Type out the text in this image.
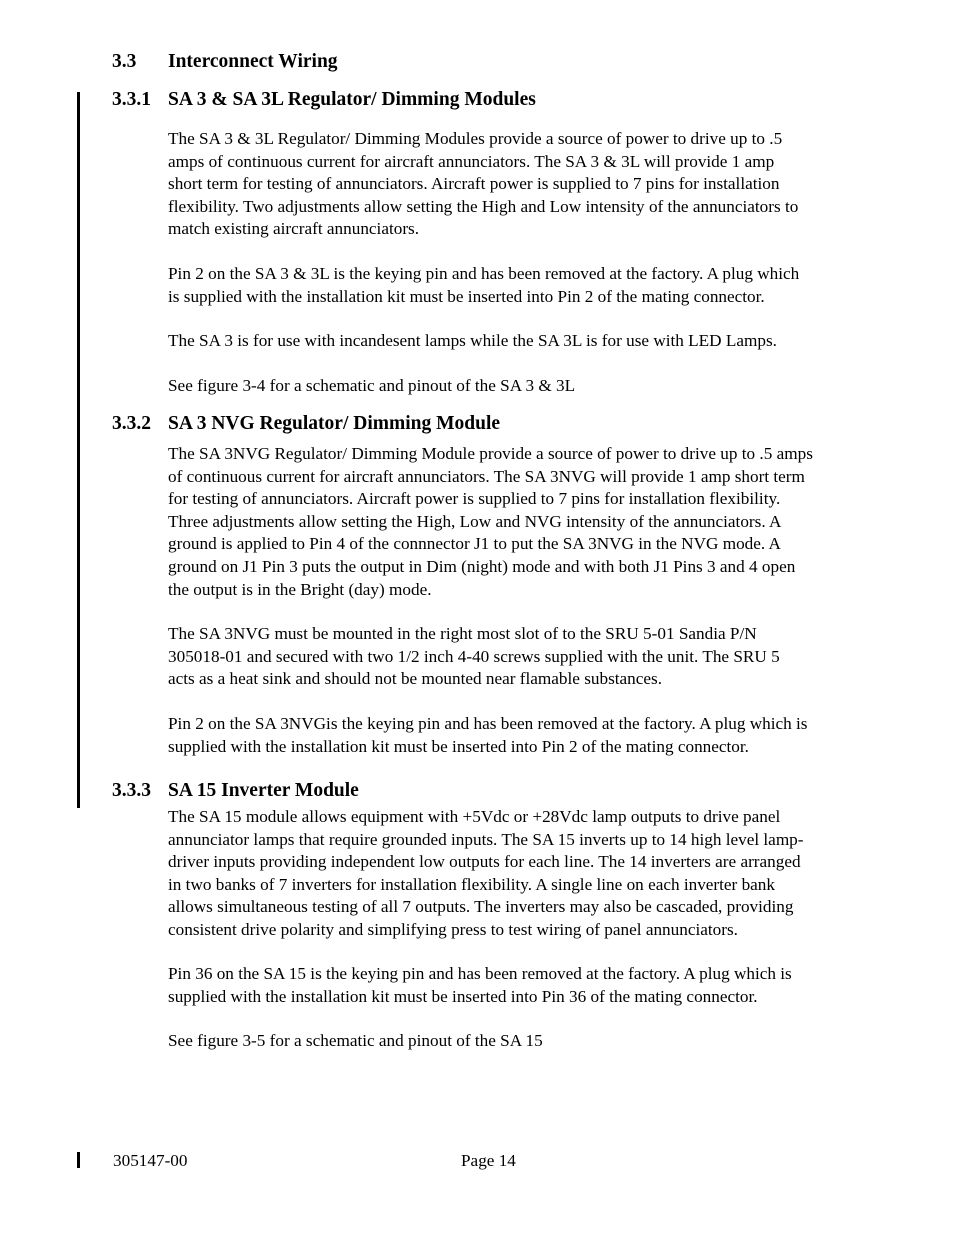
3.3 Interconnect Wiring
3.3.1 SA 3 & SA 3L Regulator/ Dimming Modules
The SA 3 & 3L Regulator/ Dimming Modules provide a source of power to drive up to .5
amps of continuous current for aircraft annunciators. The SA 3 & 3L will provide 1 amp
short term for testing of annunciators. Aircraft power is supplied to 7 pins for installation
flexibility. Two adjustments allow setting the High and Low intensity of the annunciators to
match existing aircraft annunciators.
Pin 2 on the SA 3 & 3L is the keying pin and has been removed at the factory. A plug which
is supplied with the installation kit must be inserted into Pin 2 of the mating connector.
The SA 3 is for use with incandesent lamps while the SA 3L is for use with LED Lamps.
See figure 3-4 for a schematic and pinout of the SA 3 & 3L
3.3.2 SA 3 NVG Regulator/ Dimming Module
The SA 3NVG Regulator/ Dimming Module provide a source of power to drive up to .5 amps
of continuous current for aircraft annunciators. The SA 3NVG will provide 1 amp short term
for testing of annunciators. Aircraft power is supplied to 7 pins for installation flexibility.
Three adjustments allow setting the High, Low and NVG intensity of the annunciators. A
ground is applied to Pin 4 of the connnector J1 to put the SA 3NVG in the NVG mode. A
ground on J1 Pin 3 puts the output in Dim (night) mode and with both J1 Pins 3 and 4 open
the output is in the Bright (day) mode.
The SA 3NVG must be mounted in the right most slot of to the SRU 5-01 Sandia P/N
305018-01 and secured with two 1/2 inch 4-40 screws supplied with the unit. The SRU 5
acts as a heat sink and should not be mounted near flamable substances.
Pin 2 on the SA 3NVGis the keying pin and has been removed at the factory. A plug which is
supplied with the installation kit must be inserted into Pin 2 of the mating connector.
3.3.3 SA 15 Inverter Module
The SA 15 module allows equipment with +5Vdc or +28Vdc lamp outputs to drive panel
annunciator lamps that require grounded inputs. The SA 15 inverts up to 14 high level lamp-
driver inputs providing independent low outputs for each line. The 14 inverters are arranged
in two banks of 7 inverters for installation flexibility. A single line on each inverter bank
allows simultaneous testing of all 7 outputs. The inverters may also be cascaded, providing
consistent drive polarity and simplifying press to test wiring of panel annunciators.
Pin 36 on the SA 15 is the keying pin and has been removed at the factory. A plug which is
supplied with the installation kit must be inserted into Pin 36 of the mating connector.
See figure 3-5 for a schematic and pinout of the SA 15
305147-00	Page 14
